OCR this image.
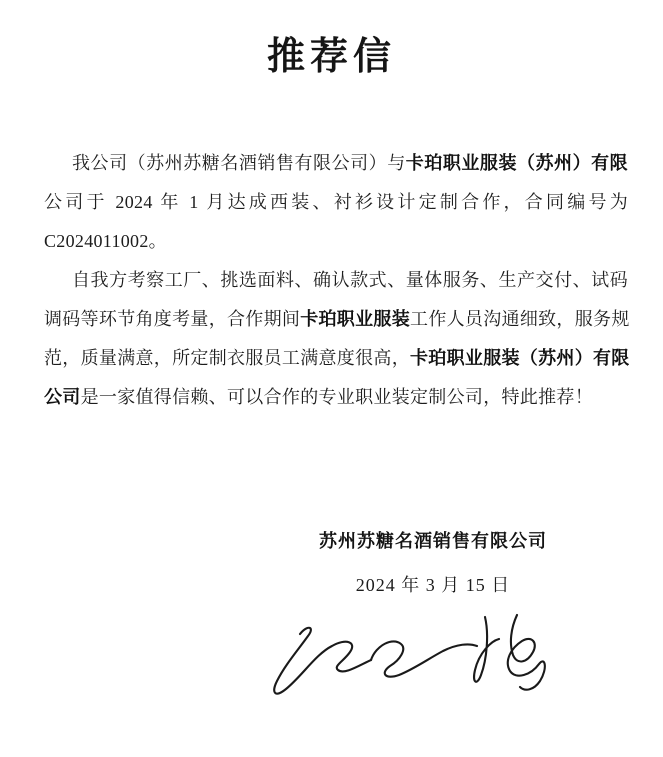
推荐信
我公司（苏州苏糖名酒销售有限公司）与卡珀职业服装（苏州）有限
公司于 2024 年 1 月达成西装、衬衫设计定制合作，合同编号为
C2024011002。
自我方考察工厂、挑选面料、确认款式、量体服务、生产交付、试码
调码等环节角度考量，合作期间卡珀职业服装工作人员沟通细致，服务规
范，质量满意，所定制衣服员工满意度很高，卡珀职业服装（苏州）有限
公司是一家值得信赖、可以合作的专业职业装定制公司，特此推荐！
苏州苏糖名酒销售有限公司
2024 年 3 月 15 日
